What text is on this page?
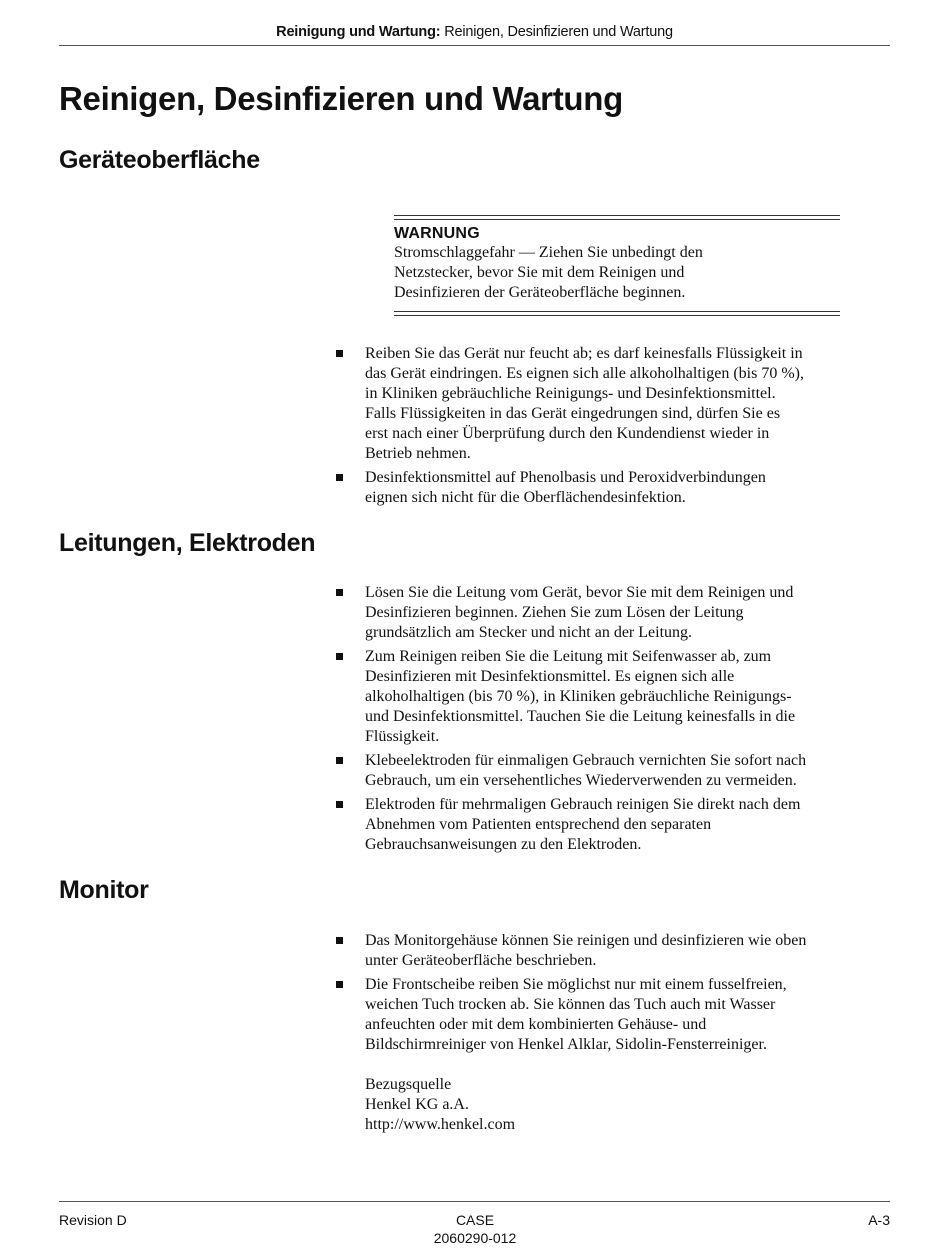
Reinigung und Wartung: Reinigen, Desinfizieren und Wartung
Reinigen, Desinfizieren und Wartung
Geräteoberfläche
WARNUNG
Stromschlaggefahr — Ziehen Sie unbedingt den
Netzstecker, bevor Sie mit dem Reinigen und
Desinfizieren der Geräteoberfläche beginnen.
Reiben Sie das Gerät nur feucht ab; es darf keinesfalls Flüssigkeit in
das Gerät eindringen. Es eignen sich alle alkoholhaltigen (bis 70 %),
in Kliniken gebräuchliche Reinigungs- und Desinfektionsmittel.
Falls Flüssigkeiten in das Gerät eingedrungen sind, dürfen Sie es
erst nach einer Überprüfung durch den Kundendienst wieder in
Betrieb nehmen.
Desinfektionsmittel auf Phenolbasis und Peroxidverbindungen
eignen sich nicht für die Oberflächendesinfektion.
Leitungen, Elektroden
Lösen Sie die Leitung vom Gerät, bevor Sie mit dem Reinigen und
Desinfizieren beginnen. Ziehen Sie zum Lösen der Leitung
grundsätzlich am Stecker und nicht an der Leitung.
Zum Reinigen reiben Sie die Leitung mit Seifenwasser ab, zum
Desinfizieren mit Desinfektionsmittel. Es eignen sich alle
alkoholhaltigen (bis 70 %), in Kliniken gebräuchliche Reinigungs-
und Desinfektionsmittel. Tauchen Sie die Leitung keinesfalls in die
Flüssigkeit.
Klebeelektroden für einmaligen Gebrauch vernichten Sie sofort nach
Gebrauch, um ein versehentliches Wiederverwenden zu vermeiden.
Elektroden für mehrmaligen Gebrauch reinigen Sie direkt nach dem
Abnehmen vom Patienten entsprechend den separaten
Gebrauchsanweisungen zu den Elektroden.
Monitor
Das Monitorgehäuse können Sie reinigen und desinfizieren wie oben
unter Geräteoberfläche beschrieben.
Die Frontscheibe reiben Sie möglichst nur mit einem fusselfreien,
weichen Tuch trocken ab. Sie können das Tuch auch mit Wasser
anfeuchten oder mit dem kombinierten Gehäuse- und
Bildschirmreiniger von Henkel Alklar, Sidolin-Fensterreiniger.
Bezugsquelle
Henkel KG a.A.
http://www.henkel.com
Revision D	CASE
2060290-012
A-3
